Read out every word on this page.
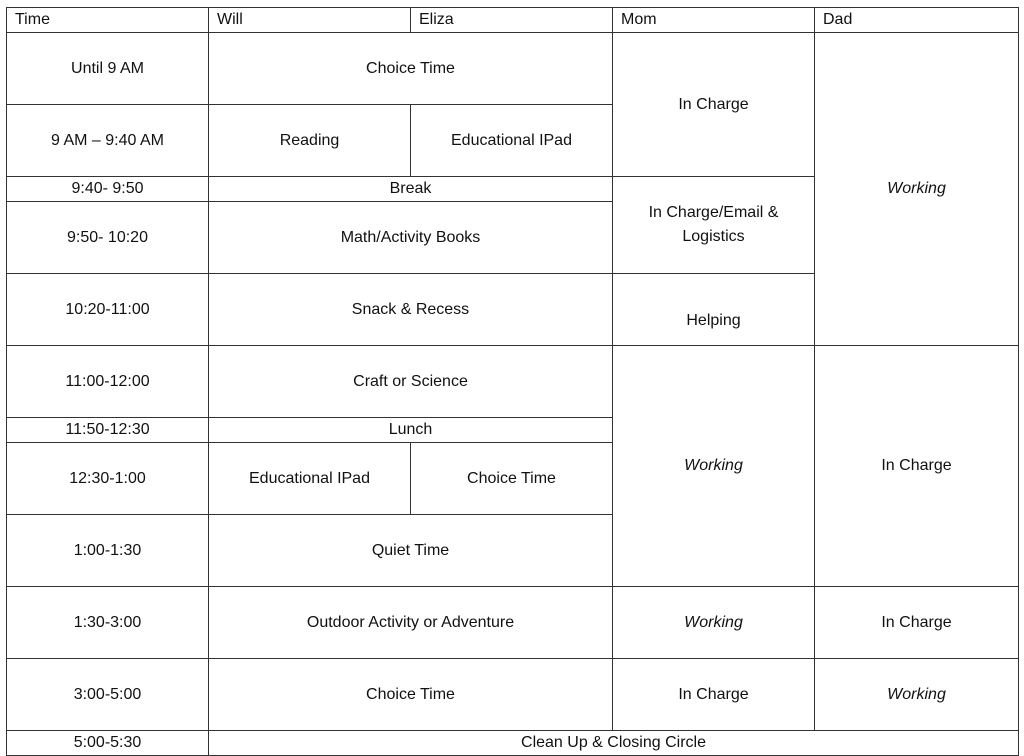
Time	Will	Eliza	Mom	Dad
Until 9 AM	Choice Time		In Charge	Working
9 AM – 9:40 AM	Reading	Educational IPad		
9:40- 9:50	Break		In Charge/Email & Logistics	
9:50- 10:20	Math/Activity Books			
10:20-11:00	Snack & Recess		Helping	
11:00-12:00	Craft or Science		Working	In Charge
11:50-12:30	Lunch			
12:30-1:00	Educational IPad	Choice Time		
1:00-1:30	Quiet Time			
1:30-3:00	Outdoor Activity or Adventure		Working	In Charge
3:00-5:00	Choice Time		In Charge	Working
5:00-5:30	Clean Up & Closing Circle			
